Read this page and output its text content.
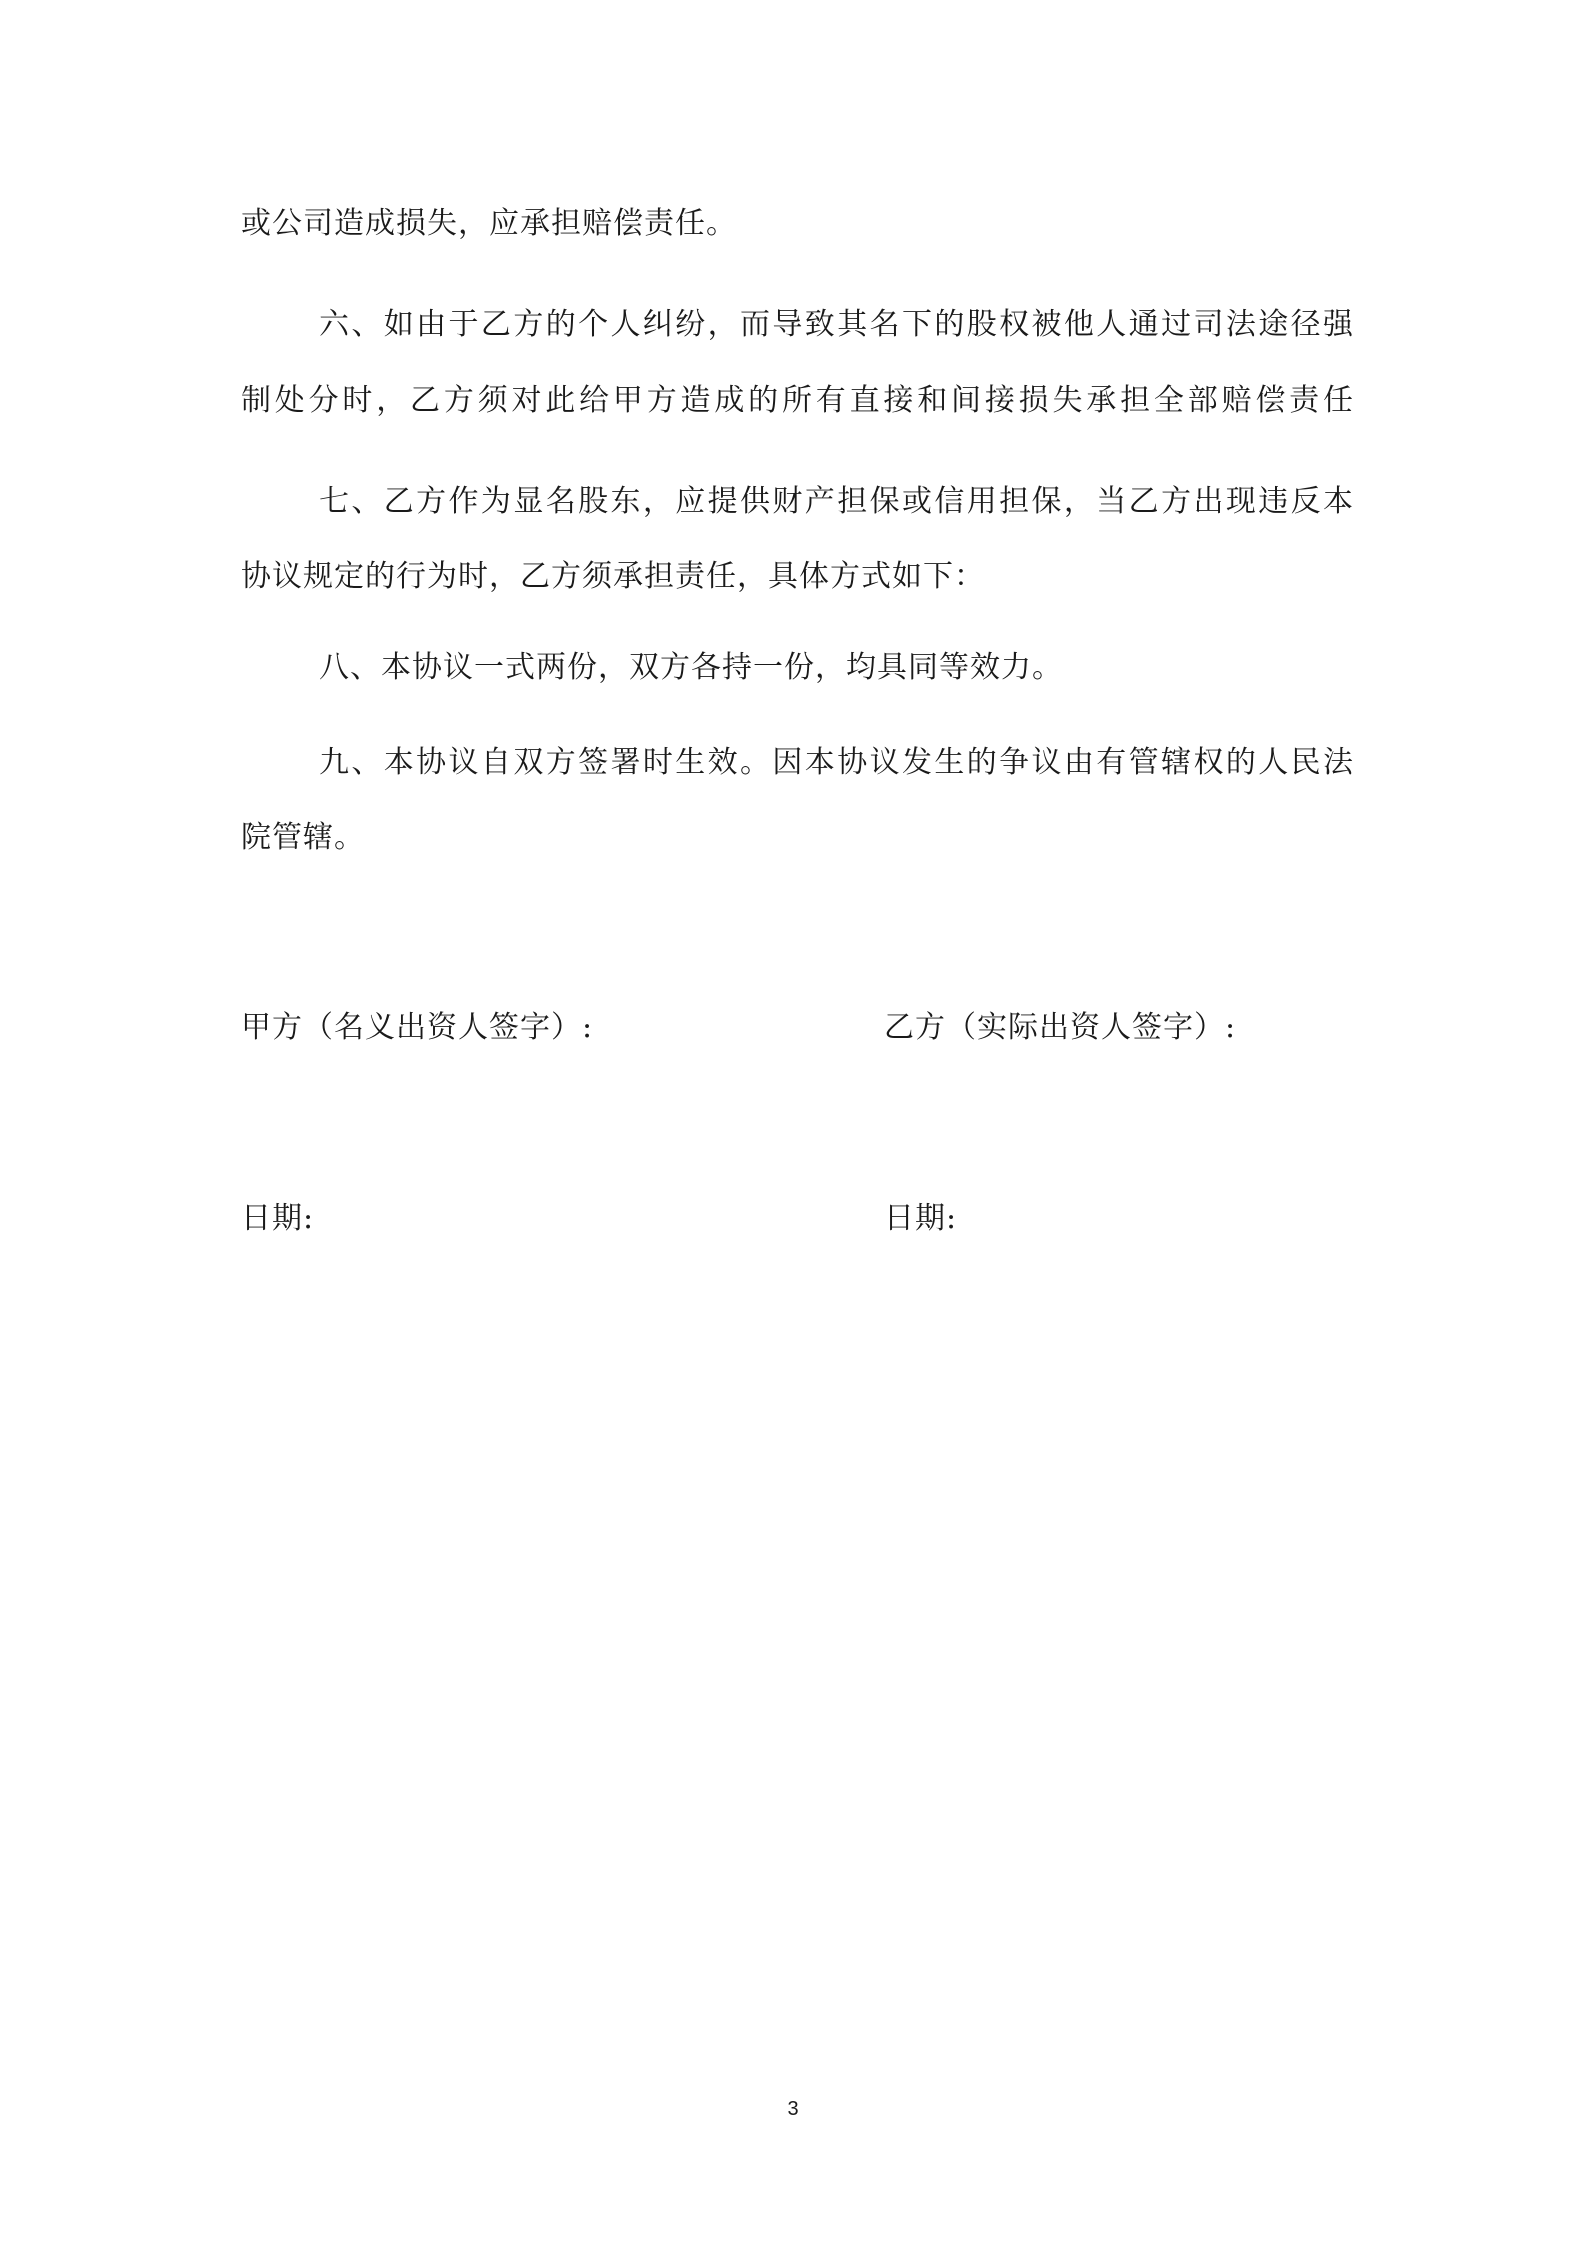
或公司造成损失，应承担赔偿责任。
六、如由于乙方的个人纠纷，而导致其名下的股权被他人通过司法途径强
制处分时，乙方须对此给甲方造成的所有直接和间接损失承担全部赔偿责任
七、乙方作为显名股东，应提供财产担保或信用担保，当乙方出现违反本
协议规定的行为时，乙方须承担责任，具体方式如下：
八、本协议一式两份，双方各持一份，均具同等效力。
九、本协议自双方签署时生效。因本协议发生的争议由有管辖权的人民法
院管辖。
甲方（名义出资人签字）:	乙方（实际出资人签字）:
日期:	日期:
3
